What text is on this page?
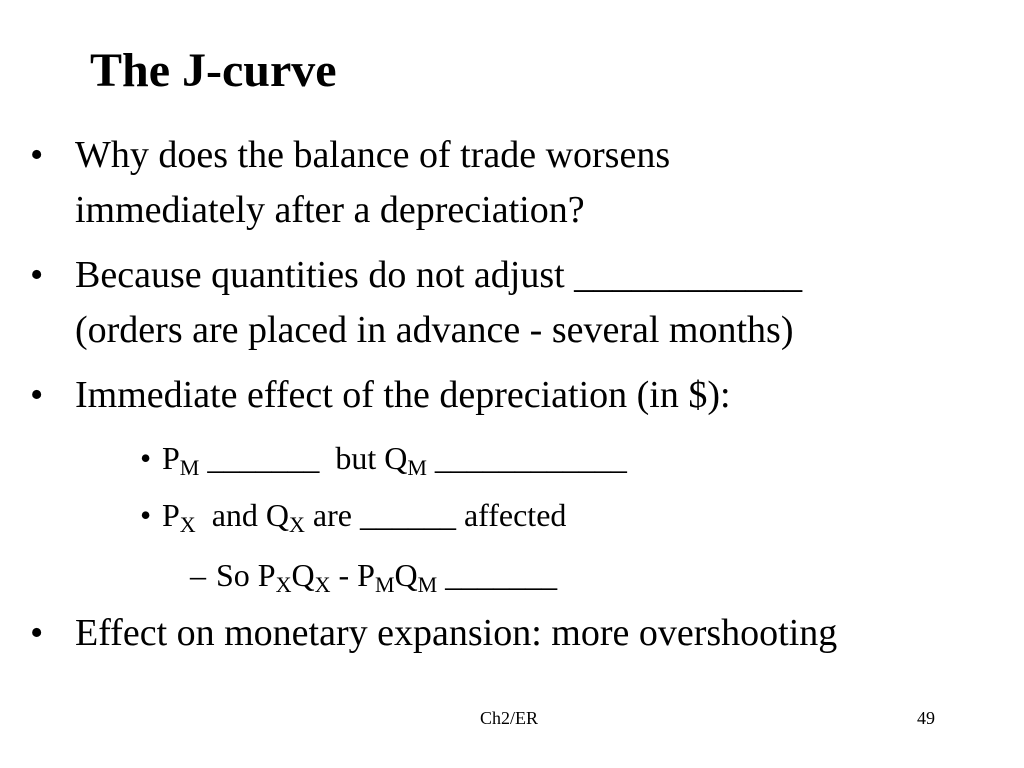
The J-curve
• Why does the balance of trade worsens
immediately after a depreciation?
• Because quantities do not adjust ____________
(orders are placed in advance - several months)
• Immediate effect of the depreciation (in $):
• $P_M$ _______  but $Q_M$ ____________
• $P_X$  and $Q_X$ are ______ affected
– So $P_XQ_X - P_MQ_M$ _______
• Effect on monetary expansion: more overshooting
Ch2/ER	49
